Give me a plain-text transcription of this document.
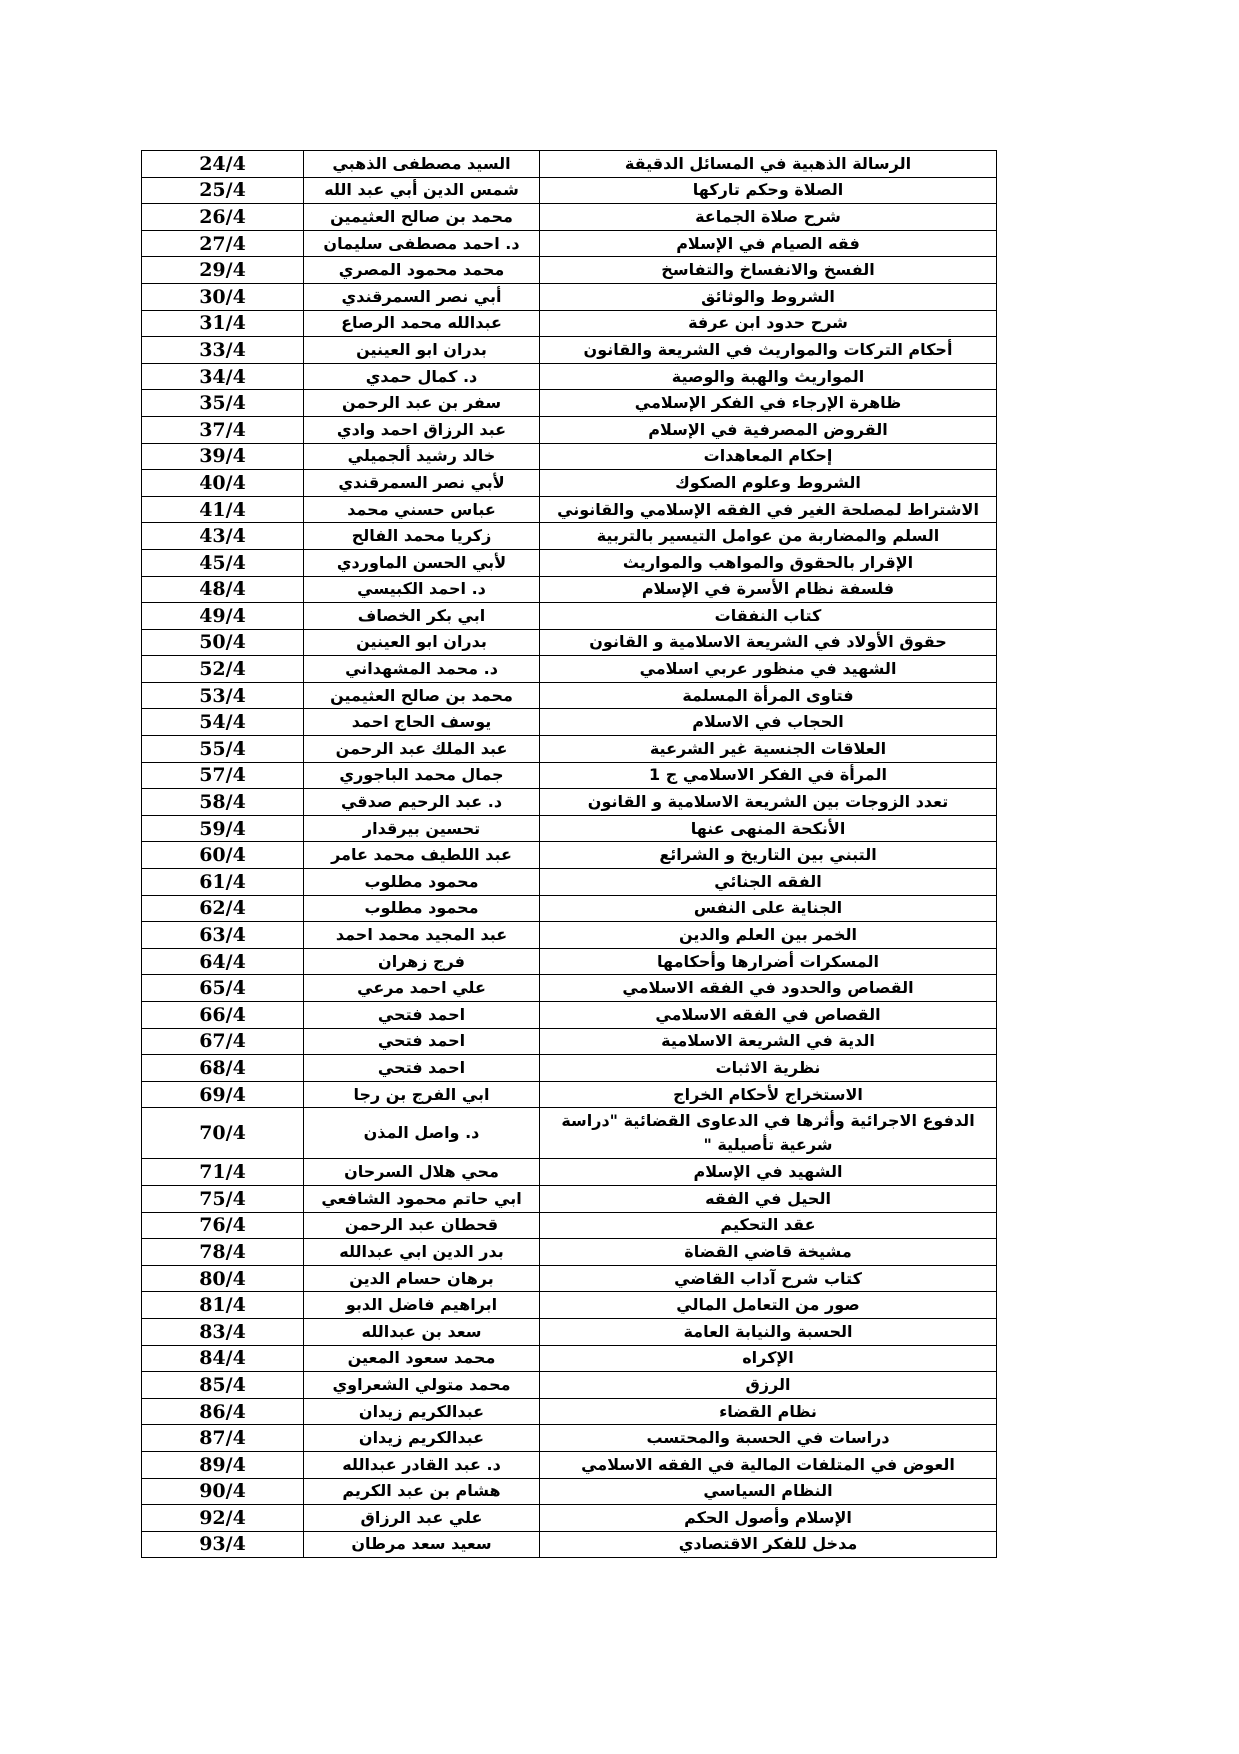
24/4	السيد مصطفى الذهبي	الرسالة الذهبية في المسائل الدقيقة
25/4	شمس الدين أبي عبد الله	الصلاة وحكم تاركها
26/4	محمد بن صالح العثيمين	شرح صلاة الجماعة
27/4	د. احمد مصطفى سليمان	فقه الصيام في الإسلام
29/4	محمد محمود المصري	الفسخ والانفساخ والتفاسخ
30/4	أبي نصر السمرقندي	الشروط والوثائق
31/4	عبدالله محمد الرصاع	شرح حدود ابن عرفة
33/4	بدران ابو العينين	أحكام التركات والمواريث في الشريعة والقانون
34/4	د. كمال حمدي	المواريث والهبة والوصية
35/4	سفر بن عبد الرحمن	ظاهرة الإرجاء في الفكر الإسلامي
37/4	عبد الرزاق احمد وادي	القروض المصرفية في الإسلام
39/4	خالد رشيد ألجميلي	إحكام المعاهدات
40/4	لأبي نصر السمرقندي	الشروط وعلوم الصكوك
41/4	عباس حسني محمد	الاشتراط لمصلحة الغير في الفقه الإسلامي والقانوني
43/4	زكريا محمد الفالح	السلم والمضاربة من عوامل التيسير بالتربية
45/4	لأبي الحسن الماوردي	الإقرار بالحقوق والمواهب والمواريث
48/4	د. احمد الكبيسي	فلسفة نظام الأسرة في الإسلام
49/4	ابي بكر الخصاف	كتاب النفقات
50/4	بدران ابو العينين	حقوق الأولاد في الشريعة الاسلامية و القانون
52/4	د. محمد المشهداني	الشهيد في منظور عربي اسلامي
53/4	محمد بن صالح العثيمين	فتاوى المرأة المسلمة
54/4	يوسف الحاج احمد	الحجاب في الاسلام
55/4	عبد الملك عبد الرحمن	العلاقات الجنسية غير الشرعية
57/4	جمال محمد الباجوري	المرأة في الفكر الاسلامي ج 1
58/4	د. عبد الرحيم صدقي	تعدد الزوجات بين الشريعة الاسلامية و القانون
59/4	تحسين بيرقدار	الأنكحة المنهى عنها
60/4	عبد اللطيف محمد عامر	التبني بين التاريخ و الشرائع
61/4	محمود مطلوب	الفقه الجنائي
62/4	محمود مطلوب	الجناية على النفس
63/4	عبد المجيد محمد احمد	الخمر بين العلم والدين
64/4	فرج زهران	المسكرات أضرارها وأحكامها
65/4	علي احمد مرعي	القصاص والحدود في الفقه الاسلامي
66/4	احمد فتحي	القصاص في الفقه الاسلامي
67/4	احمد فتحي	الدية في الشريعة الاسلامية
68/4	احمد فتحي	نظرية الاثبات
69/4	ابي الفرج بن رجا	الاستخراج لأحكام الخراج
70/4	د. واصل المذن	الدفوع الاجرائية وأثرها في الدعاوى القضائية "دراسة شرعية تأصيلية "
71/4	محي هلال السرحان	الشهيد في الإسلام
75/4	ابي حاتم محمود الشافعي	الحيل في الفقه
76/4	قحطان عبد الرحمن	عقد التحكيم
78/4	بدر الدين ابي عبدالله	مشيخة قاضي القضاة
80/4	برهان حسام الدين	كتاب شرح آداب القاضي
81/4	ابراهيم فاضل الدبو	صور من التعامل المالي
83/4	سعد بن عبدالله	الحسبة والنيابة العامة
84/4	محمد سعود المعين	الإكراه
85/4	محمد متولي الشعراوي	الرزق
86/4	عبدالكريم زيدان	نظام القضاء
87/4	عبدالكريم زيدان	دراسات في الحسبة والمحتسب
89/4	د. عبد القادر عبدالله	العوض في المتلفات المالية في الفقه الاسلامي
90/4	هشام بن عبد الكريم	النظام السياسي
92/4	علي عبد الرزاق	الإسلام وأصول الحكم
93/4	سعيد سعد مرطان	مدخل للفكر الاقتصادي
